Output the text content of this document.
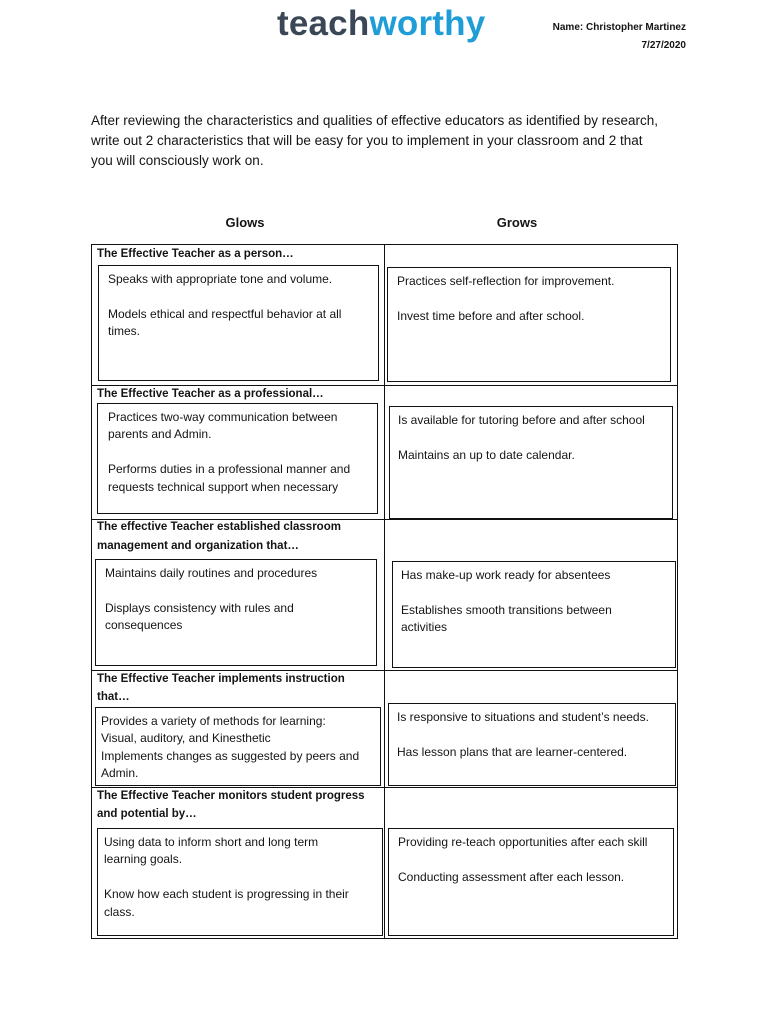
teachworthy	Name: Christopher Martinez
7/27/2020
After reviewing the characteristics and qualities of effective educators as identified by research,
write out 2 characteristics that will be easy for you to implement in your classroom and 2 that
you will consciously work on.
Glows	Grows
The Effective Teacher as a person…
Speaks with appropriate tone and volume.
Models ethical and respectful behavior at all
times.
Practices self-reflection for improvement.
Invest time before and after school.
The Effective Teacher as a professional…
Practices two-way communication between
parents and Admin.
Performs duties in a professional manner and
requests technical support when necessary
Is available for tutoring before and after school
Maintains an up to date calendar.
The effective Teacher established classroom
management and organization that…
Maintains daily routines and procedures
Displays consistency with rules and
consequences
Has make-up work ready for absentees
Establishes smooth transitions between
activities
The Effective Teacher implements instruction
that…
Provides a variety of methods for learning:
Visual, auditory, and Kinesthetic
Implements changes as suggested by peers and
Admin.
Is responsive to situations and student’s needs.
Has lesson plans that are learner-centered.
The Effective Teacher monitors student progress
and potential by…
Using data to inform short and long term
learning goals.
Know how each student is progressing in their
class.
Providing re-teach opportunities after each skill
Conducting assessment after each lesson.
